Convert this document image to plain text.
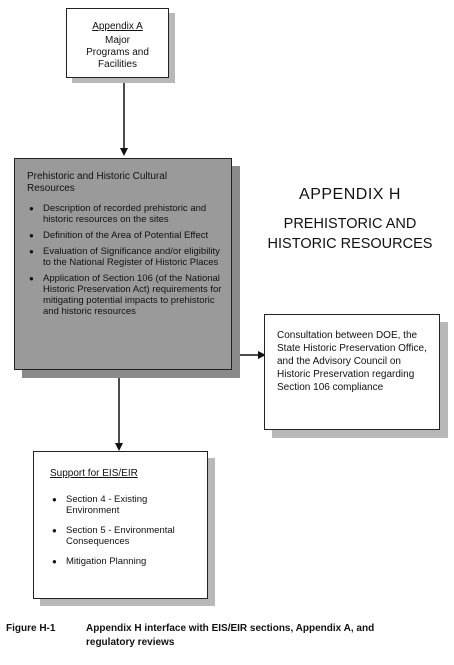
Appendix A
Major Programs and Facilities
Prehistoric and Historic Cultural Resources
● Description of recorded prehistoric and historic resources on the sites
● Definition of the Area of Potential Effect
● Evaluation of Significance and/or eligibility to the National Register of Historic Places
● Application of Section 106 (of the National Historic Preservation Act) requirements for mitigating potential impacts to prehistoric and historic resources
APPENDIX H
PREHISTORIC AND HISTORIC RESOURCES
Consultation between DOE, the State Historic Preservation Office, and the Advisory Council on Historic Preservation regarding Section 106 compliance
Support for EIS/EIR
● Section 4 - Existing Environment
● Section 5 - Environmental Consequences
● Mitigation Planning
Figure H-1	Appendix H interface with EIS/EIR sections, Appendix A, and regulatory reviews
